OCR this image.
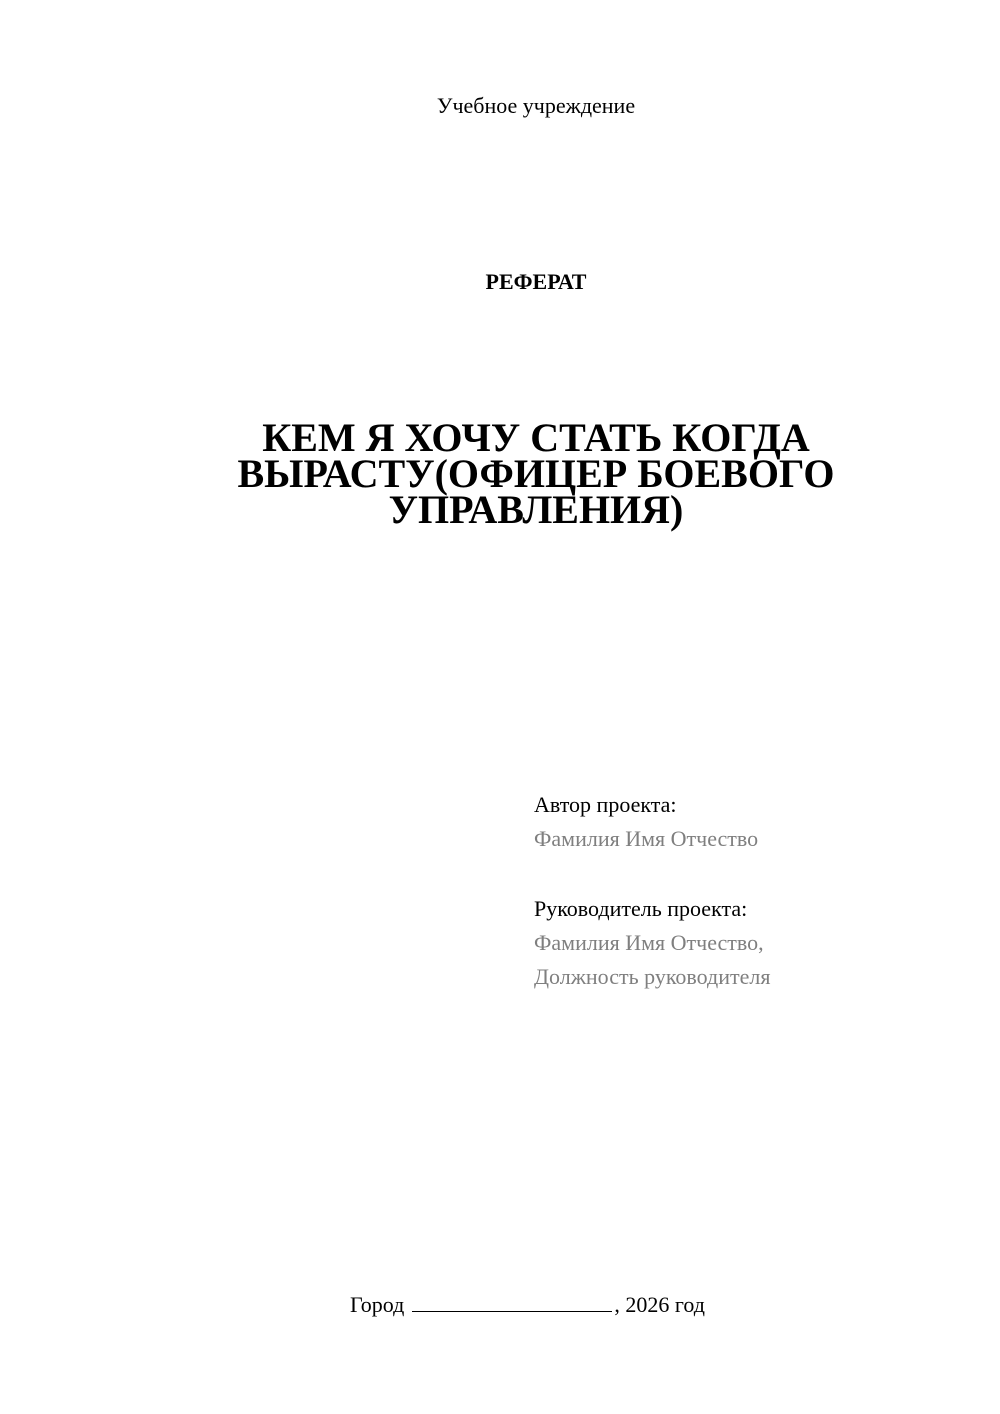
Учебное учреждение
РЕФЕРАТ
КЕМ Я ХОЧУ СТАТЬ КОГДА
ВЫРАСТУ(ОФИЦЕР БОЕВОГО
УПРАВЛЕНИЯ)
Автор проекта:
Фамилия Имя Отчество
Руководитель проекта:
Фамилия Имя Отчество,
Должность руководителя
Город	, 2026 год
